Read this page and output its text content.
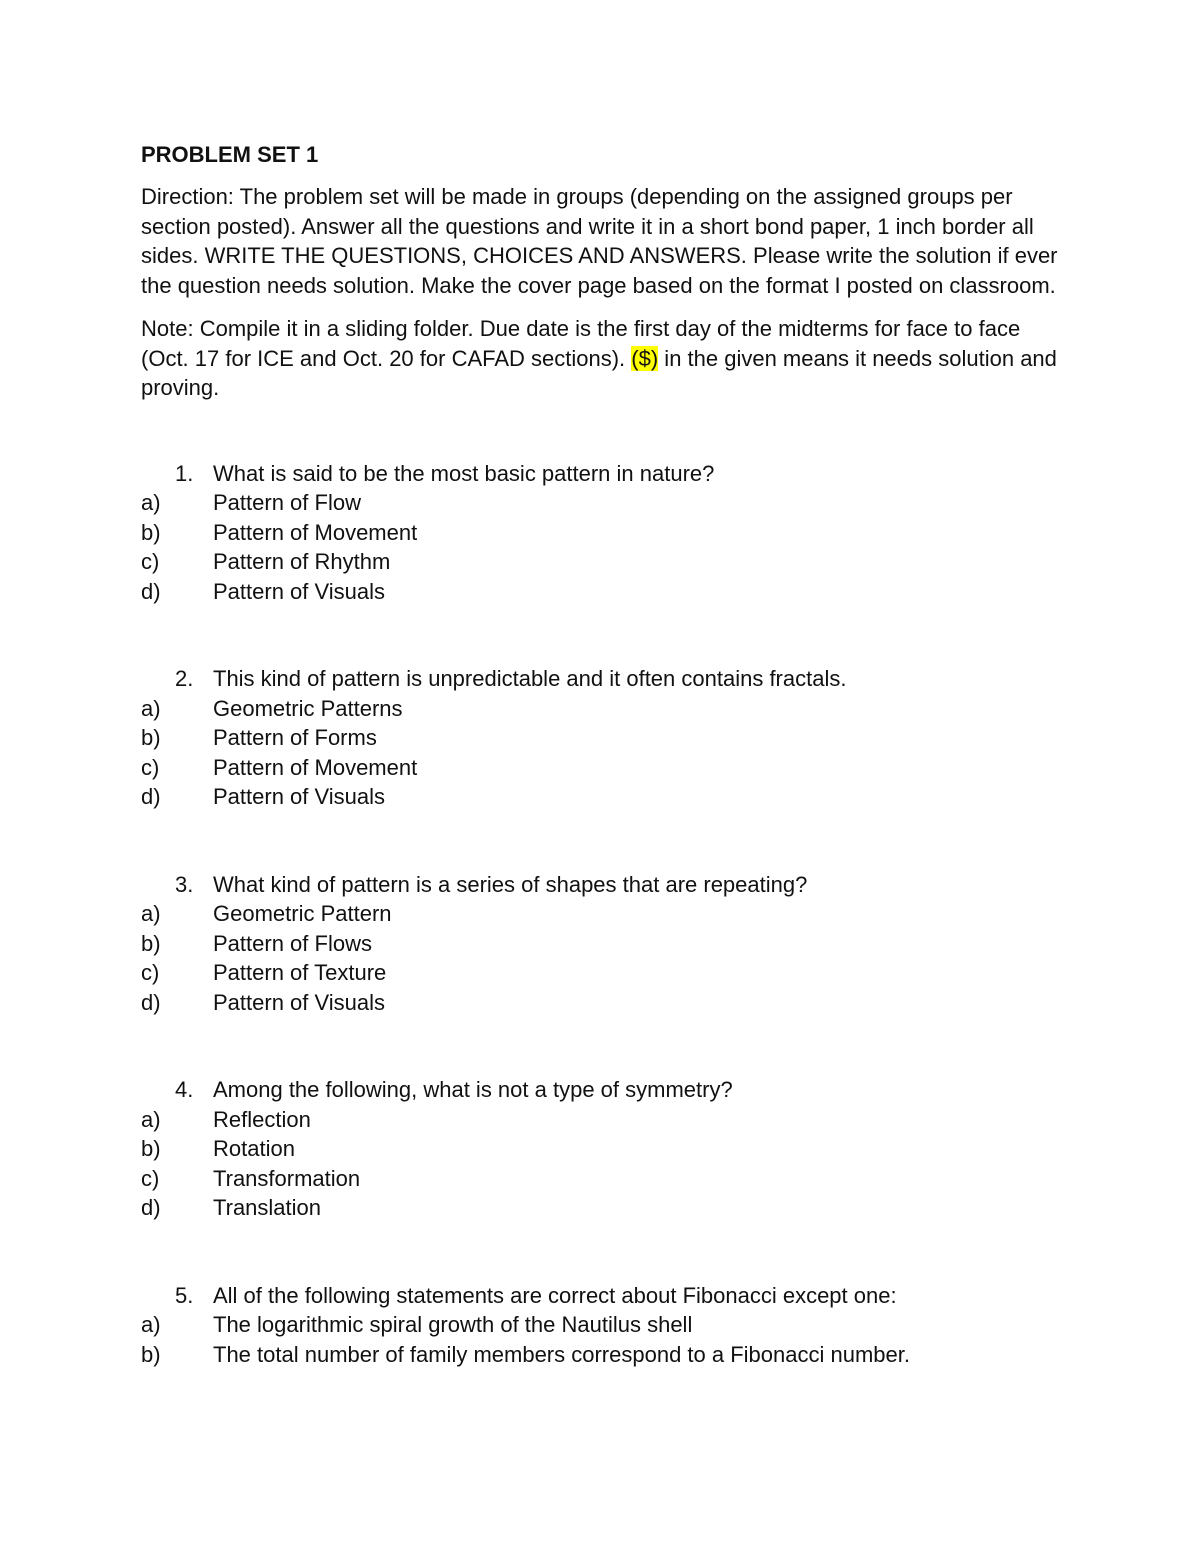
PROBLEM SET 1

Direction: The problem set will be made in groups (depending on the assigned groups per section posted). Answer all the questions and write it in a short bond paper, 1 inch border all sides. WRITE THE QUESTIONS, CHOICES AND ANSWERS. Please write the solution if ever the question needs solution. Make the cover page based on the format I posted on classroom.

Note: Compile it in a sliding folder. Due date is the first day of the midterms for face to face (Oct. 17 for ICE and Oct. 20 for CAFAD sections). ($) in the given means it needs solution and proving.

1. What is said to be the most basic pattern in nature?
a)	Pattern of Flow
b)	Pattern of Movement
c)	Pattern of Rhythm
d)	Pattern of Visuals
2. This kind of pattern is unpredictable and it often contains fractals.
a)	Geometric Patterns
b)	Pattern of Forms
c)	Pattern of Movement
d)	Pattern of Visuals
3. What kind of pattern is a series of shapes that are repeating?
a)	Geometric Pattern
b)	Pattern of Flows
c)	Pattern of Texture
d)	Pattern of Visuals
4. Among the following, what is not a type of symmetry?
a)	Reflection
b)	Rotation
c)	Transformation
d)	Translation
5. All of the following statements are correct about Fibonacci except one:
a)	The logarithmic spiral growth of the Nautilus shell
b)	The total number of family members correspond to a Fibonacci number.
